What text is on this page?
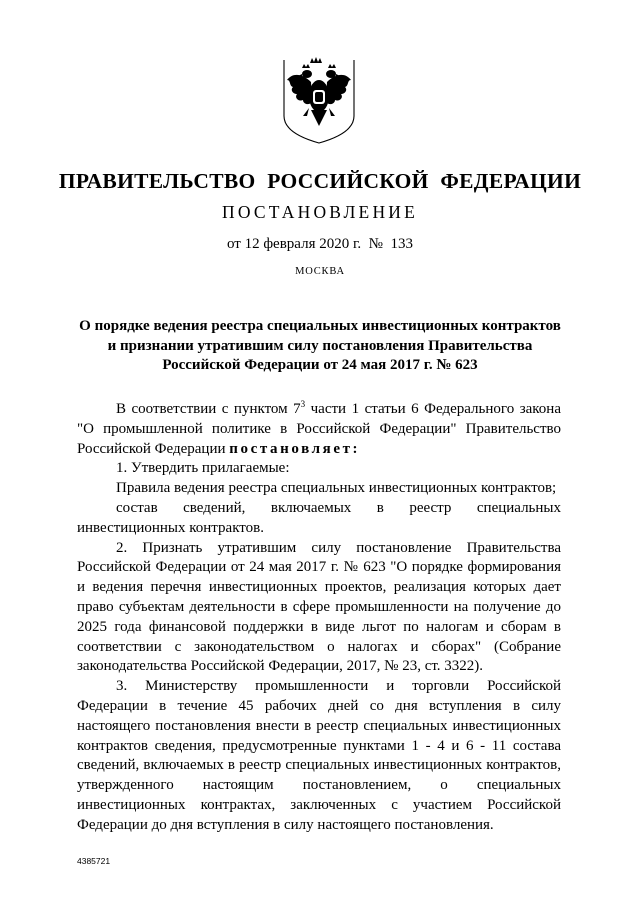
ПРАВИТЕЛЬСТВО РОССИЙСКОЙ ФЕДЕРАЦИИ
ПОСТАНОВЛЕНИЕ
от 12 февраля 2020 г.  №  133
МОСКВА
О порядке ведения реестра специальных инвестиционных контрактов
и признании утратившим силу постановления Правительства
Российской Федерации от 24 мая 2017 г. № 623

В соответствии с пунктом $7^3$ части 1 статьи 6 Федерального закона "О промышленной политике в Российской Федерации" Правительство Российской Федерации постановляет:

1. Утвердить прилагаемые:

Правила ведения реестра специальных инвестиционных контрактов;

состав сведений, включаемых в реестр специальных инвестиционных контрактов.

2. Признать утратившим силу постановление Правительства Российской Федерации от 24 мая 2017 г. № 623 "О порядке формирования и ведения перечня инвестиционных проектов, реализация которых дает право субъектам деятельности в сфере промышленности на получение до 2025 года финансовой поддержки в виде льгот по налогам и сборам в соответствии с законодательством о налогах и сборах" (Собрание законодательства Российской Федерации, 2017, № 23, ст. 3322).

3. Министерству промышленности и торговли Российской Федерации в течение 45 рабочих дней со дня вступления в силу настоящего постановления внести в реестр специальных инвестиционных контрактов сведения, предусмотренные пунктами 1 - 4 и 6 - 11 состава сведений, включаемых в реестр специальных инвестиционных контрактов, утвержденного настоящим постановлением, о специальных инвестиционных контрактах, заключенных с участием Российской Федерации до дня вступления в силу настоящего постановления.

4385721
